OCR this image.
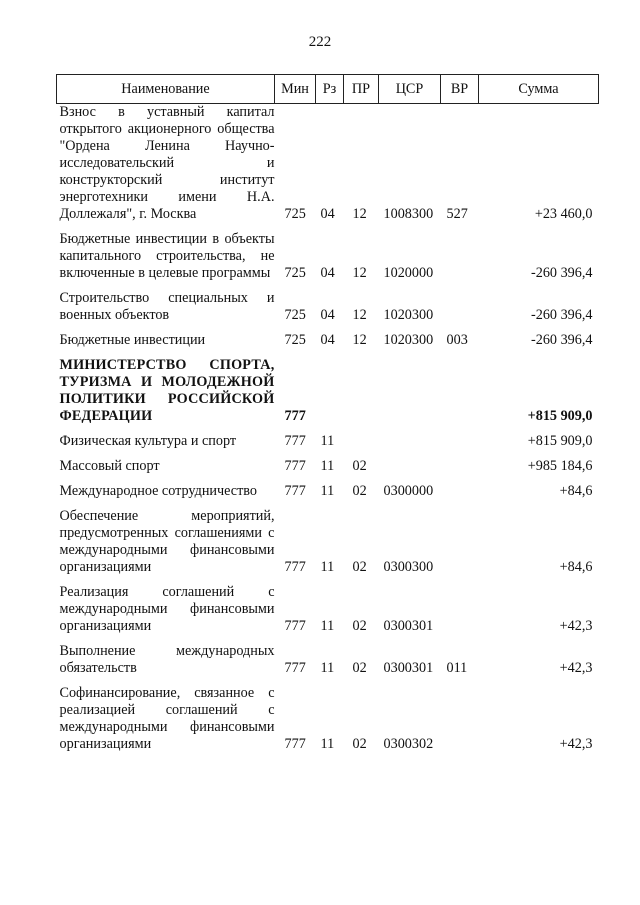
222
Наименование	Мин	Рз	ПР	ЦСР	ВР	Сумма
Взнос в уставный капитал открытого акционерного общества "Ордена Ленина Научно-исследовательский и конструкторский институт энерготехники имени Н.А. Доллежаля", г. Москва	725	04	12	1008300	527	+23 460,0

Бюджетные инвестиции в объекты капитального строительства, не включенные в целевые программы	725	04	12	1020000		-260 396,4

Строительство специальных и военных объектов	725	04	12	1020300		-260 396,4

Бюджетные инвестиции	725	04	12	1020300	003	-260 396,4

МИНИСТЕРСТВО СПОРТА, ТУРИЗМА И МОЛОДЕЖНОЙ ПОЛИТИКИ РОССИЙСКОЙ ФЕДЕРАЦИИ	777					+815 909,0

Физическая культура и спорт	777	11				+815 909,0

Массовый спорт	777	11	02			+985 184,6

Международное сотрудничество	777	11	02	0300000		+84,6

Обеспечение мероприятий, предусмотренных соглашениями с международными финансовыми организациями	777	11	02	0300300		+84,6

Реализация соглашений с международными финансовыми организациями	777	11	02	0300301		+42,3

Выполнение международных обязательств	777	11	02	0300301	011	+42,3

Софинансирование, связанное с реализацией соглашений с международными финансовыми организациями	777	11	02	0300302		+42,3
